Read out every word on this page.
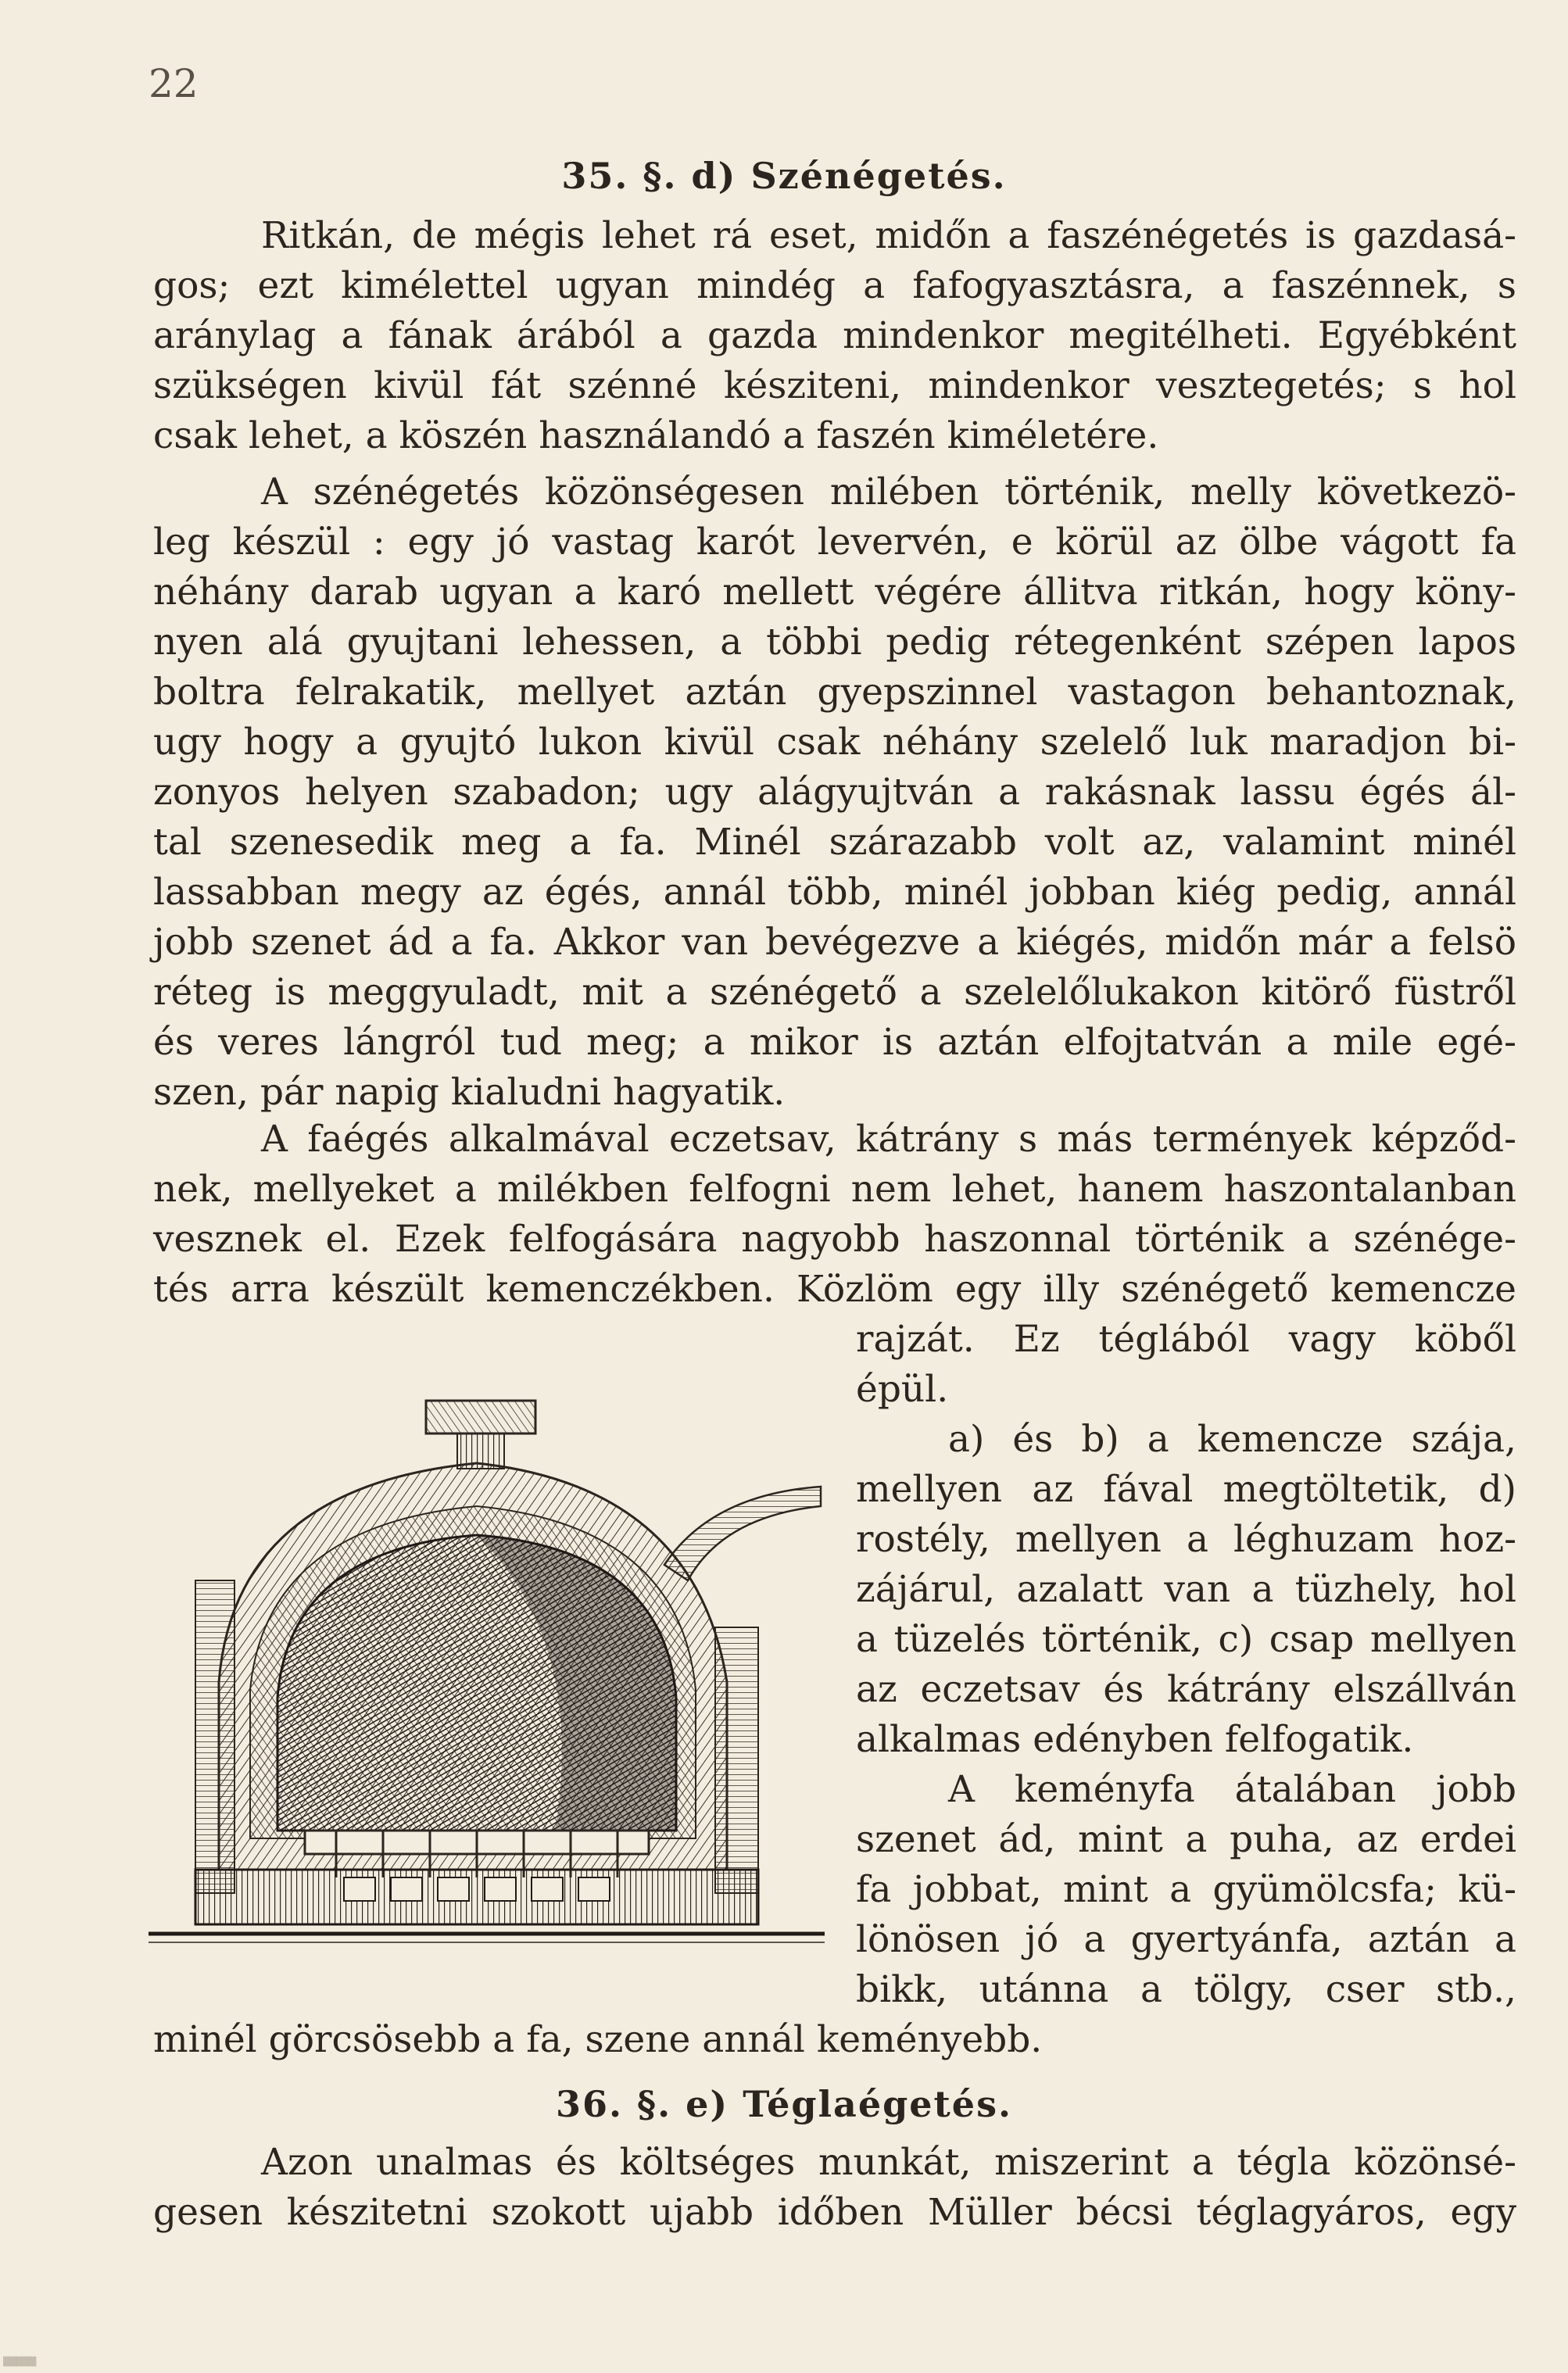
22
35. §. d) Szénégetés.
Ritkán, de mégis lehet rá eset, midőn a faszénégetés is gazdasá-
gos; ezt kimélettel ugyan mindég a fafogyasztásra, a faszénnek, s
aránylag a fának árából a gazda mindenkor megitélheti. Egyébként
szükségen kivül fát szénné késziteni, mindenkor vesztegetés; s hol
csak lehet, a köszén használandó a faszén kiméletére.
A szénégetés közönségesen milében történik, melly következö-
leg készül : egy jó vastag karót levervén, e körül az ölbe vágott fa
néhány darab ugyan a karó mellett végére állitva ritkán, hogy köny-
nyen alá gyujtani lehessen, a többi pedig rétegenként szépen lapos
boltra felrakatik, mellyet aztán gyepszinnel vastagon behantoznak,
ugy hogy a gyujtó lukon kivül csak néhány szelelő luk maradjon bi-
zonyos helyen szabadon; ugy alágyujtván a rakásnak lassu égés ál-
tal szenesedik meg a fa. Minél szárazabb volt az, valamint minél
lassabban megy az égés, annál több, minél jobban kiég pedig, annál
jobb szenet ád a fa. Akkor van bevégezve a kiégés, midőn már a felsö
réteg is meggyuladt, mit a szénégető a szelelőlukakon kitörő füstről
és veres lángról tud meg; a mikor is aztán elfojtatván a mile egé-
szen, pár napig kialudni hagyatik.
A faégés alkalmával eczetsav, kátrány s más termények képződ-
nek, mellyeket a milékben felfogni nem lehet, hanem haszontalanban
vesznek el. Ezek felfogására nagyobb haszonnal történik a szénége-
tés arra készült kemenczékben. Közlöm egy illy szénégető kemencze
rajzát. Ez téglából vagy köből
épül.
a) és b) a kemencze szája,
mellyen az fával megtöltetik, d)
rostély, mellyen a léghuzam hoz-
zájárul, azalatt van a tüzhely, hol
a tüzelés történik, c) csap mellyen
az eczetsav és kátrány elszállván
alkalmas edényben felfogatik.
A keményfa átalában jobb
szenet ád, mint a puha, az erdei
fa jobbat, mint a gyümölcsfa; kü-
lönösen jó a gyertyánfa, aztán a
bikk, utánna a tölgy, cser stb.,
minél görcsösebb a fa, szene annál keményebb.
36. §. e) Téglaégetés.
Azon unalmas és költséges munkát, miszerint a tégla közönsé-
gesen készitetni szokott ujabb időben Müller bécsi téglagyáros, egy
▒▒▒▒▒
